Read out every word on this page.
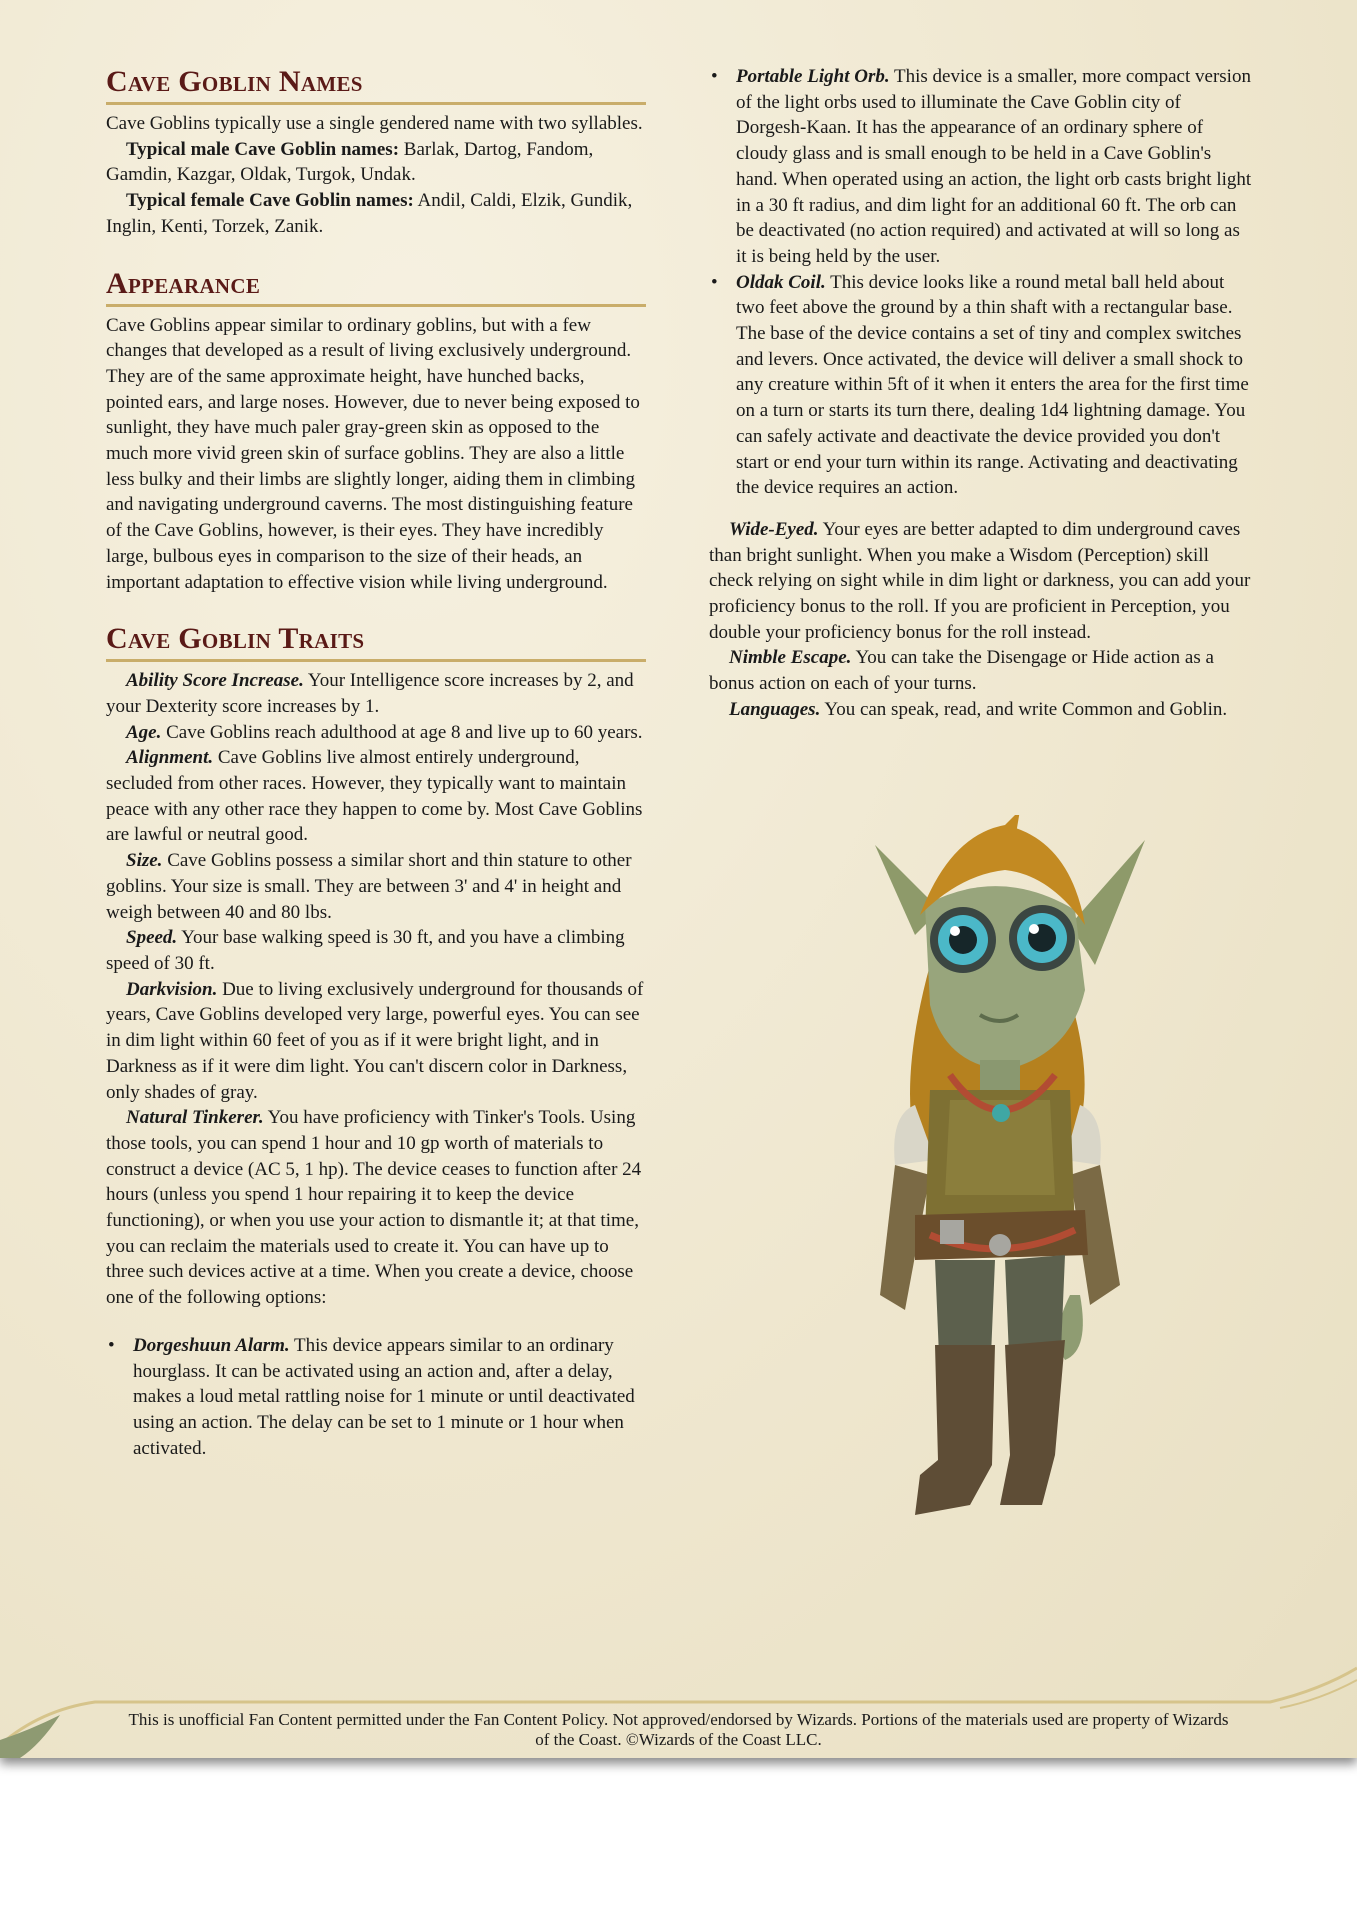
Cave Goblin Names

Cave Goblins typically use a single gendered name with two syllables.

Typical male Cave Goblin names: Barlak, Dartog, Fandom, Gamdin, Kazgar, Oldak, Turgok, Undak.

Typical female Cave Goblin names: Andil, Caldi, Elzik, Gundik, Inglin, Kenti, Torzek, Zanik.

Appearance

Cave Goblins appear similar to ordinary goblins, but with a few changes that developed as a result of living exclusively underground. They are of the same approximate height, have hunched backs, pointed ears, and large noses. However, due to never being exposed to sunlight, they have much paler gray-green skin as opposed to the much more vivid green skin of surface goblins. They are also a little less bulky and their limbs are slightly longer, aiding them in climbing and navigating underground caverns. The most distinguishing feature of the Cave Goblins, however, is their eyes. They have incredibly large, bulbous eyes in comparison to the size of their heads, an important adaptation to effective vision while living underground.

Cave Goblin Traits

Ability Score Increase. Your Intelligence score increases by 2, and your Dexterity score increases by 1.

Age. Cave Goblins reach adulthood at age 8 and live up to 60 years.

Alignment. Cave Goblins live almost entirely underground, secluded from other races. However, they typically want to maintain peace with any other race they happen to come by. Most Cave Goblins are lawful or neutral good.

Size. Cave Goblins possess a similar short and thin stature to other goblins. Your size is small. They are between 3' and 4' in height and weigh between 40 and 80 lbs.

Speed. Your base walking speed is 30 ft, and you have a climbing speed of 30 ft.

Darkvision. Due to living exclusively underground for thousands of years, Cave Goblins developed very large, powerful eyes. You can see in dim light within 60 feet of you as if it were bright light, and in Darkness as if it were dim light. You can't discern color in Darkness, only shades of gray.

Natural Tinkerer. You have proficiency with Tinker's Tools. Using those tools, you can spend 1 hour and 10 gp worth of materials to construct a device (AC 5, 1 hp). The device ceases to function after 24 hours (unless you spend 1 hour repairing it to keep the device functioning), or when you use your action to dismantle it; at that time, you can reclaim the materials used to create it. You can have up to three such devices active at a time. When you create a device, choose one of the following options:

• Dorgeshuun Alarm. This device appears similar to an ordinary hourglass. It can be activated using an action and, after a delay, makes a loud metal rattling noise for 1 minute or until deactivated using an action. The delay can be set to 1 minute or 1 hour when activated.
• Portable Light Orb. This device is a smaller, more compact version of the light orbs used to illuminate the Cave Goblin city of Dorgesh-Kaan. It has the appearance of an ordinary sphere of cloudy glass and is small enough to be held in a Cave Goblin's hand. When operated using an action, the light orb casts bright light in a 30 ft radius, and dim light for an additional 60 ft. The orb can be deactivated (no action required) and activated at will so long as it is being held by the user.
• Oldak Coil. This device looks like a round metal ball held about two feet above the ground by a thin shaft with a rectangular base. The base of the device contains a set of tiny and complex switches and levers. Once activated, the device will deliver a small shock to any creature within 5ft of it when it enters the area for the first time on a turn or starts its turn there, dealing 1d4 lightning damage. You can safely activate and deactivate the device provided you don't start or end your turn within its range. Activating and deactivating the device requires an action.

Wide-Eyed. Your eyes are better adapted to dim underground caves than bright sunlight. When you make a Wisdom (Perception) skill check relying on sight while in dim light or darkness, you can add your proficiency bonus to the roll. If you are proficient in Perception, you double your proficiency bonus for the roll instead.

Nimble Escape. You can take the Disengage or Hide action as a bonus action on each of your turns.

Languages. You can speak, read, and write Common and Goblin.

This is unofficial Fan Content permitted under the Fan Content Policy. Not approved/endorsed by Wizards. Portions of the materials used are property of Wizards of the Coast. ©Wizards of the Coast LLC.
